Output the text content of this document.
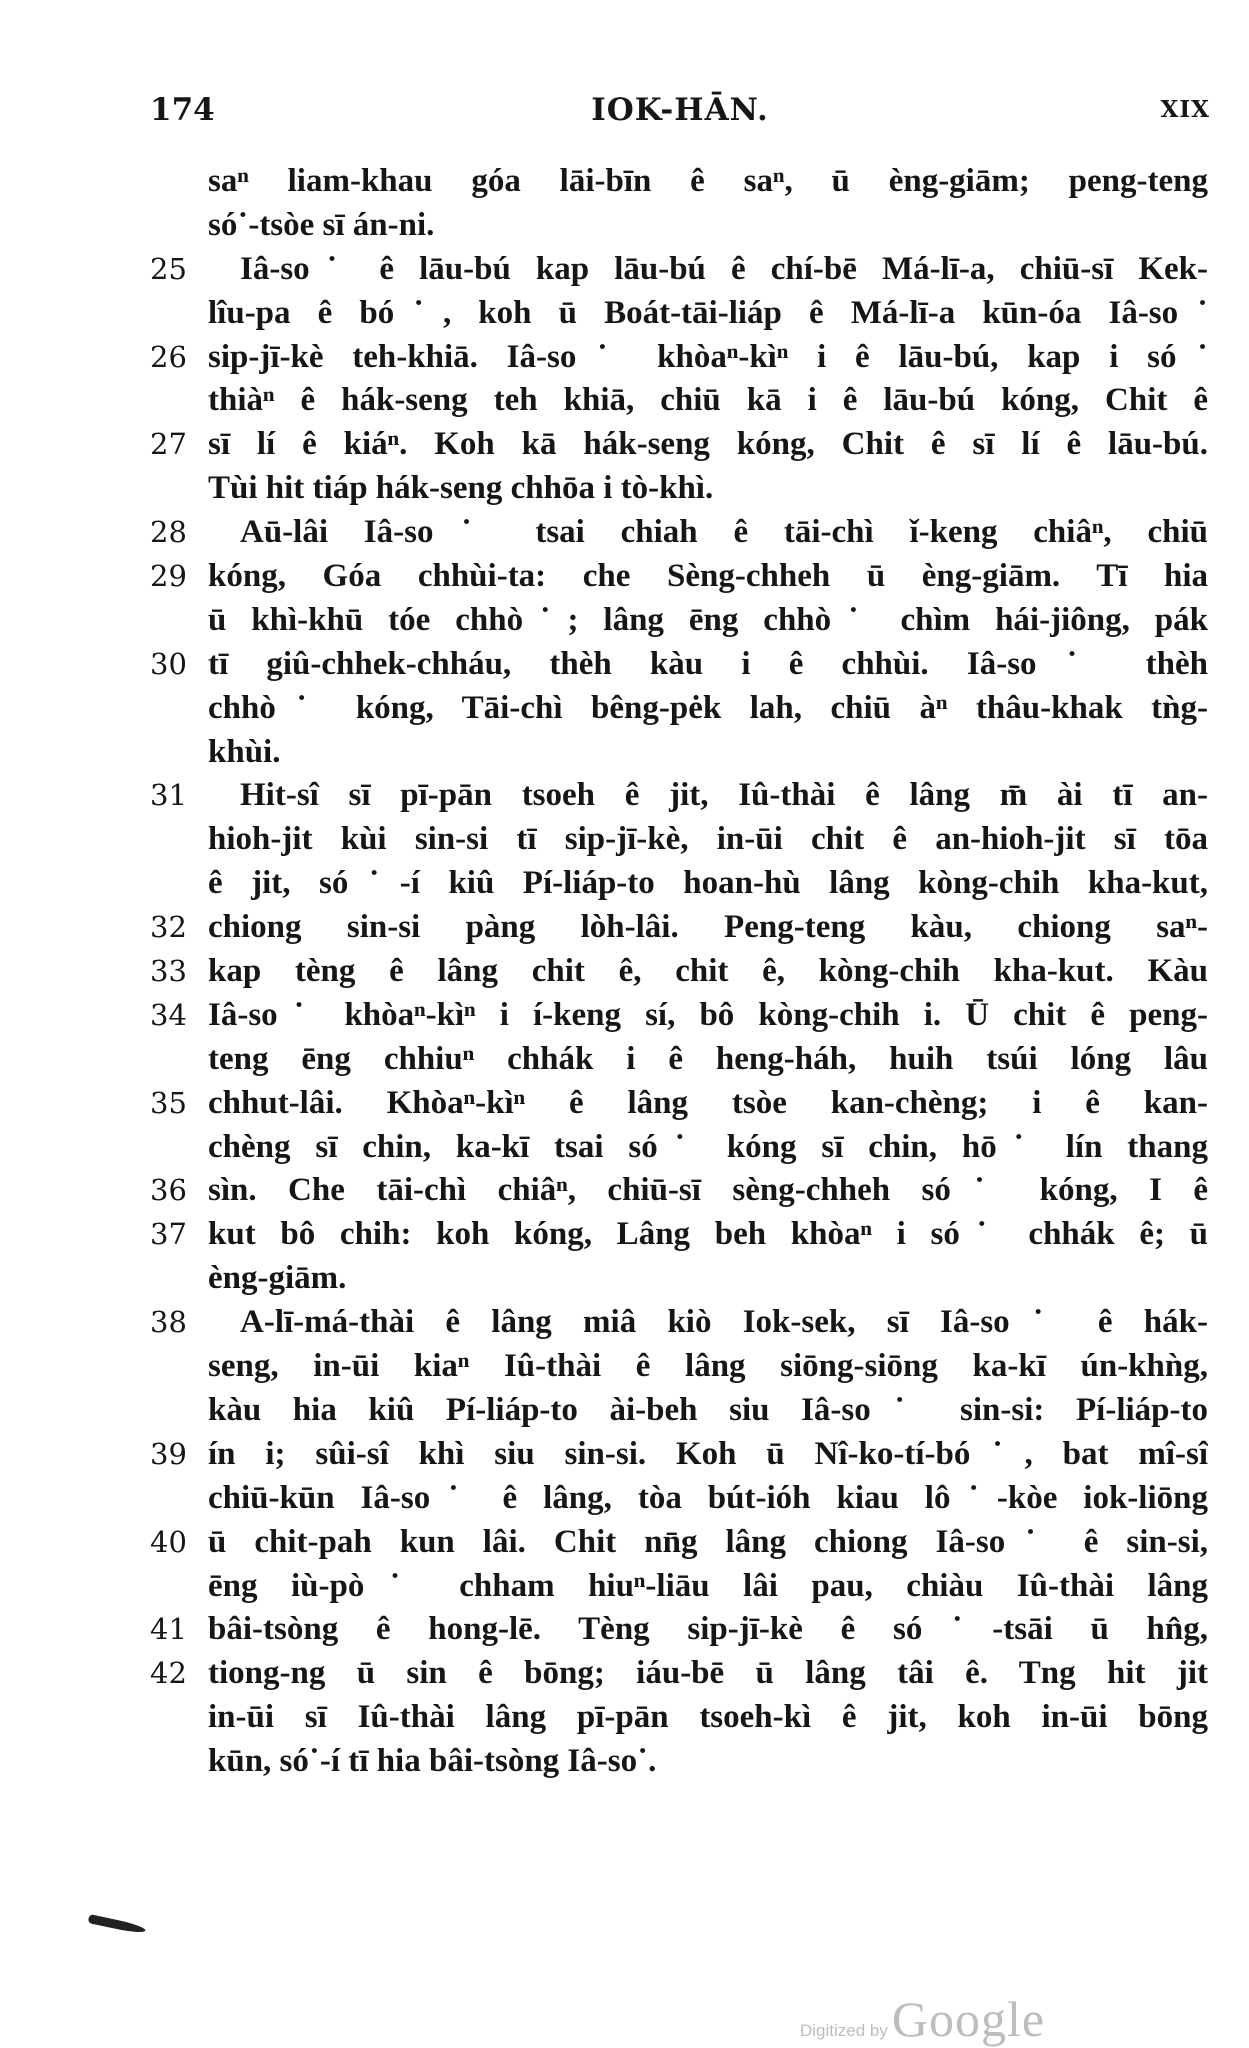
174	IOK-HĀN.	XIX
saⁿ liam-khau góa lāi-bīn ê saⁿ, ū èng-giām; peng-teng
só˙-tsòe sī án-ni.
25	Iâ-so˙ ê lāu-bú kap lāu-bú ê chí-bē Má-lī-a, chiū-sī Kek-
lîu-pa ê bó˙, koh ū Boát-tāi-liáp ê Má-lī-a kūn-óa Iâ-so˙
26 sip-jī-kè teh-khiā. Iâ-so˙ khòaⁿ-kìⁿ i ê lāu-bú, kap i só˙
thiàⁿ ê hák-seng teh khiā, chiū kā i ê lāu-bú kóng, Chit ê
27 sī lí ê kiáⁿ. Koh kā hák-seng kóng, Chit ê sī lí ê lāu-bú.
Tùi hit tiáp hák-seng chhōa i tò-khì.
28	Aū-lâi Iâ-so˙ tsai chiah ê tāi-chì ǐ-keng chiâⁿ, chiū
29 kóng, Góa chhùi-ta: che Sèng-chheh ū èng-giām. Tī hia
ū khì-khū tóe chhò˙; lâng ēng chhò˙ chìm hái-jiông, pák
30 tī giû-chhek-chháu, thèh kàu i ê chhùi. Iâ-so˙ thèh
chhò˙ kóng, Tāi-chì bêng-pėk lah, chiū àⁿ thâu-khak tǹg-
khùi.
31	Hit-sî sī pī-pān tsoeh ê jit, Iû-thài ê lâng m̄ ài tī an-
hioh-jit kùi sin-si tī sip-jī-kè, in-ūi chit ê an-hioh-jit sī tōa
ê jit, só˙-í kiû Pí-liáp-to hoan-hù lâng kòng-chih kha-kut,
32 chiong sin-si pàng lòh-lâi. Peng-teng kàu, chiong saⁿ-
33 kap tèng ê lâng chit ê, chit ê, kòng-chih kha-kut. Kàu
34 Iâ-so˙ khòaⁿ-kìⁿ i í-keng sí, bô kòng-chih i. Ū chit ê peng-
teng ēng chhiuⁿ chhák i ê heng-háh, huih tsúi lóng lâu
35 chhut-lâi. Khòaⁿ-kìⁿ ê lâng tsòe kan-chèng; i ê kan-
chèng sī chin, ka-kī tsai só˙ kóng sī chin, hō˙ lín thang
36 sìn. Che tāi-chì chiâⁿ, chiū-sī sèng-chheh só˙ kóng, I ê
37 kut bô chih: koh kóng, Lâng beh khòaⁿ i só˙ chhák ê; ū
èng-giām.
38	A-lī-má-thài ê lâng miâ kiò Iok-sek, sī Iâ-so˙ ê hák-
seng, in-ūi kiaⁿ Iû-thài ê lâng siōng-siōng ka-kī ún-khǹg,
kàu hia kiû Pí-liáp-to ài-beh siu Iâ-so˙ sin-si: Pí-liáp-to
39 ín i; sûi-sî khì siu sin-si. Koh ū Nî-ko-tí-bó˙, bat mî-sî
chiū-kūn Iâ-so˙ ê lâng, tòa bút-ióh kiau lô˙-kòe iok-liōng
40 ū chit-pah kun lâi. Chit nn̄g lâng chiong Iâ-so˙ ê sin-si,
ēng iù-pò˙ chham hiuⁿ-liāu lâi pau, chiàu Iû-thài lâng
41 bâi-tsòng ê hong-lē. Tèng sip-jī-kè ê só˙-tsāi ū hn̂g,
42 tiong-ng ū sin ê bōng; iáu-bē ū lâng tâi ê. Tng hit jit
in-ūi sī Iû-thài lâng pī-pān tsoeh-kì ê jit, koh in-ūi bōng
kūn, só˙-í tī hia bâi-tsòng Iâ-so˙.
Digitized byGoogle
